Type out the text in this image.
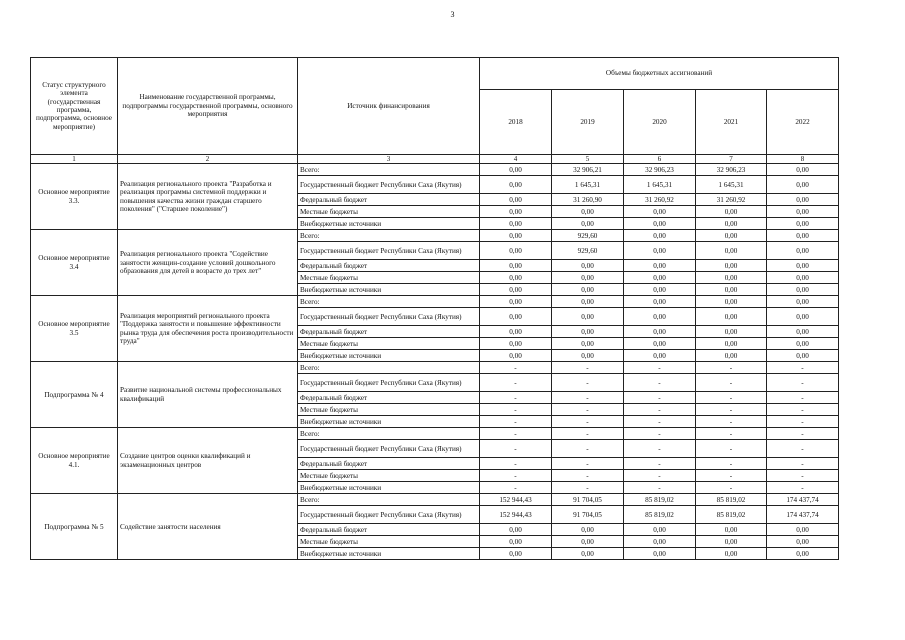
3
Статус структурного элемента (государственная программа, подпрограмма, основное мероприятие)	Наименование государственной программы, подпрограммы государственной программы, основного мероприятия	Источник финансирования	Объемы бюджетных ассигнований				
			2018	2019	2020	2021	2022
1	2	3	4	5	6	7	8
Основное мероприятие 3.3.	Реализация регионального проекта "Разработка и реализация программы системной поддержки и повышения качества жизни граждан старшего поколения" ("Старшее поколение")	Всего:	0,00	32 906,21	32 906,23	32 906,23	0,00
		Государственный бюджет Республики Саха (Якутия)	0,00	1 645,31	1 645,31	1 645,31	0,00
		Федеральный бюджет	0,00	31 260,90	31 260,92	31 260,92	0,00
		Местные бюджеты	0,00	0,00	0,00	0,00	0,00
		Внебюджетные источники	0,00	0,00	0,00	0,00	0,00
Основное мероприятие 3.4	Реализация регионального проекта "Содействие занятости женщин-создание условий дошкольного образования для детей в возрасте до трех лет"	Всего:	0,00	929,60	0,00	0,00	0,00
		Государственный бюджет Республики Саха (Якутия)	0,00	929,60	0,00	0,00	0,00
		Федеральный бюджет	0,00	0,00	0,00	0,00	0,00
		Местные бюджеты	0,00	0,00	0,00	0,00	0,00
		Внебюджетные источники	0,00	0,00	0,00	0,00	0,00
Основное мероприятие 3.5	Реализация мероприятий регионального проекта "Поддержка занятости и повышение эффективности рынка труда для обеспечения роста производительности труда"	Всего:	0,00	0,00	0,00	0,00	0,00
		Государственный бюджет Республики Саха (Якутия)	0,00	0,00	0,00	0,00	0,00
		Федеральный бюджет	0,00	0,00	0,00	0,00	0,00
		Местные бюджеты	0,00	0,00	0,00	0,00	0,00
		Внебюджетные источники	0,00	0,00	0,00	0,00	0,00
Подпрограмма № 4	Развитие национальной системы профессиональных квалификаций	Всего:	-	-	-	-	-
		Государственный бюджет Республики Саха (Якутия)	-	-	-	-	-
		Федеральный бюджет	-	-	-	-	-
		Местные бюджеты	-	-	-	-	-
		Внебюджетные источники	-	-	-	-	-
Основное мероприятие 4.1.	Создание центров оценки квалификаций и экзаменационных центров	Всего:	-	-	-	-	-
		Государственный бюджет Республики Саха (Якутия)	-	-	-	-	-
		Федеральный бюджет	-	-	-	-	-
		Местные бюджеты	-	-	-	-	-
		Внебюджетные источники	-	-	-	-	-
Подпрограмма № 5	Содействие занятости населения	Всего:	152 944,43	91 704,05	85 819,02	85 819,02	174 437,74
		Государственный бюджет Республики Саха (Якутия)	152 944,43	91 704,05	85 819,02	85 819,02	174 437,74
		Федеральный бюджет	0,00	0,00	0,00	0,00	0,00
		Местные бюджеты	0,00	0,00	0,00	0,00	0,00
		Внебюджетные источники	0,00	0,00	0,00	0,00	0,00
